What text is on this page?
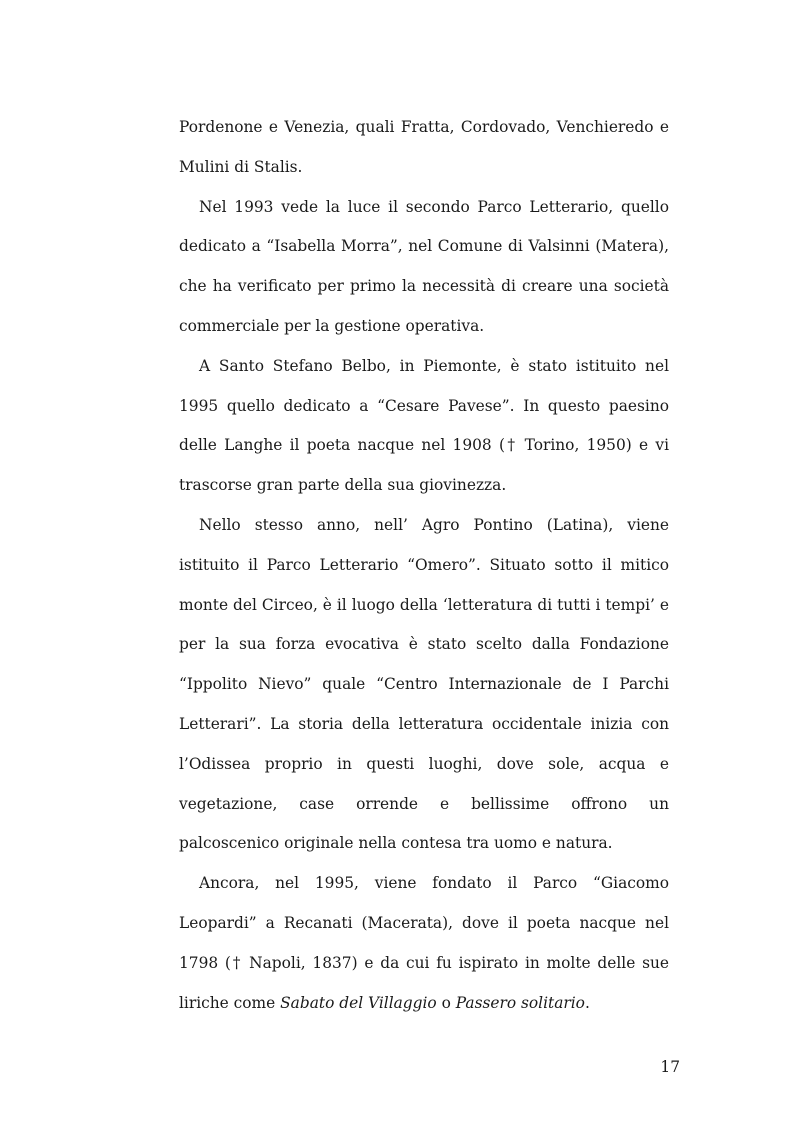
Pordenone e Venezia, quali Fratta, Cordovado, Venchieredo e Mulini di Stalis.

Nel 1993 vede la luce il secondo Parco Letterario, quello dedicato a “Isabella Morra”, nel Comune di Valsinni (Matera), che ha verificato per primo la necessità di creare una società commerciale per la gestione operativa.

A Santo Stefano Belbo, in Piemonte, è stato istituito nel 1995 quello dedicato a “Cesare Pavese”. In questo paesino delle Langhe il poeta nacque nel 1908 († Torino, 1950) e vi trascorse gran parte della sua giovinezza.

Nello stesso anno, nell’ Agro Pontino (Latina), viene istituito il Parco Letterario “Omero”. Situato sotto il mitico monte del Circeo, è il luogo della ‘letteratura di tutti i tempi’ e per la sua forza evocativa è stato scelto dalla Fondazione “Ippolito Nievo” quale “Centro Internazionale de I Parchi Letterari”. La storia della letteratura occidentale inizia con l’Odissea proprio in questi luoghi, dove sole, acqua e vegetazione, case orrende e bellissime offrono un palcoscenico originale nella contesa tra uomo e natura.

Ancora, nel 1995, viene fondato il Parco “Giacomo Leopardi” a Recanati (Macerata), dove il poeta nacque nel 1798 († Napoli, 1837) e da cui fu ispirato in molte delle sue liriche come Sabato del Villaggio o Passero solitario.

17
